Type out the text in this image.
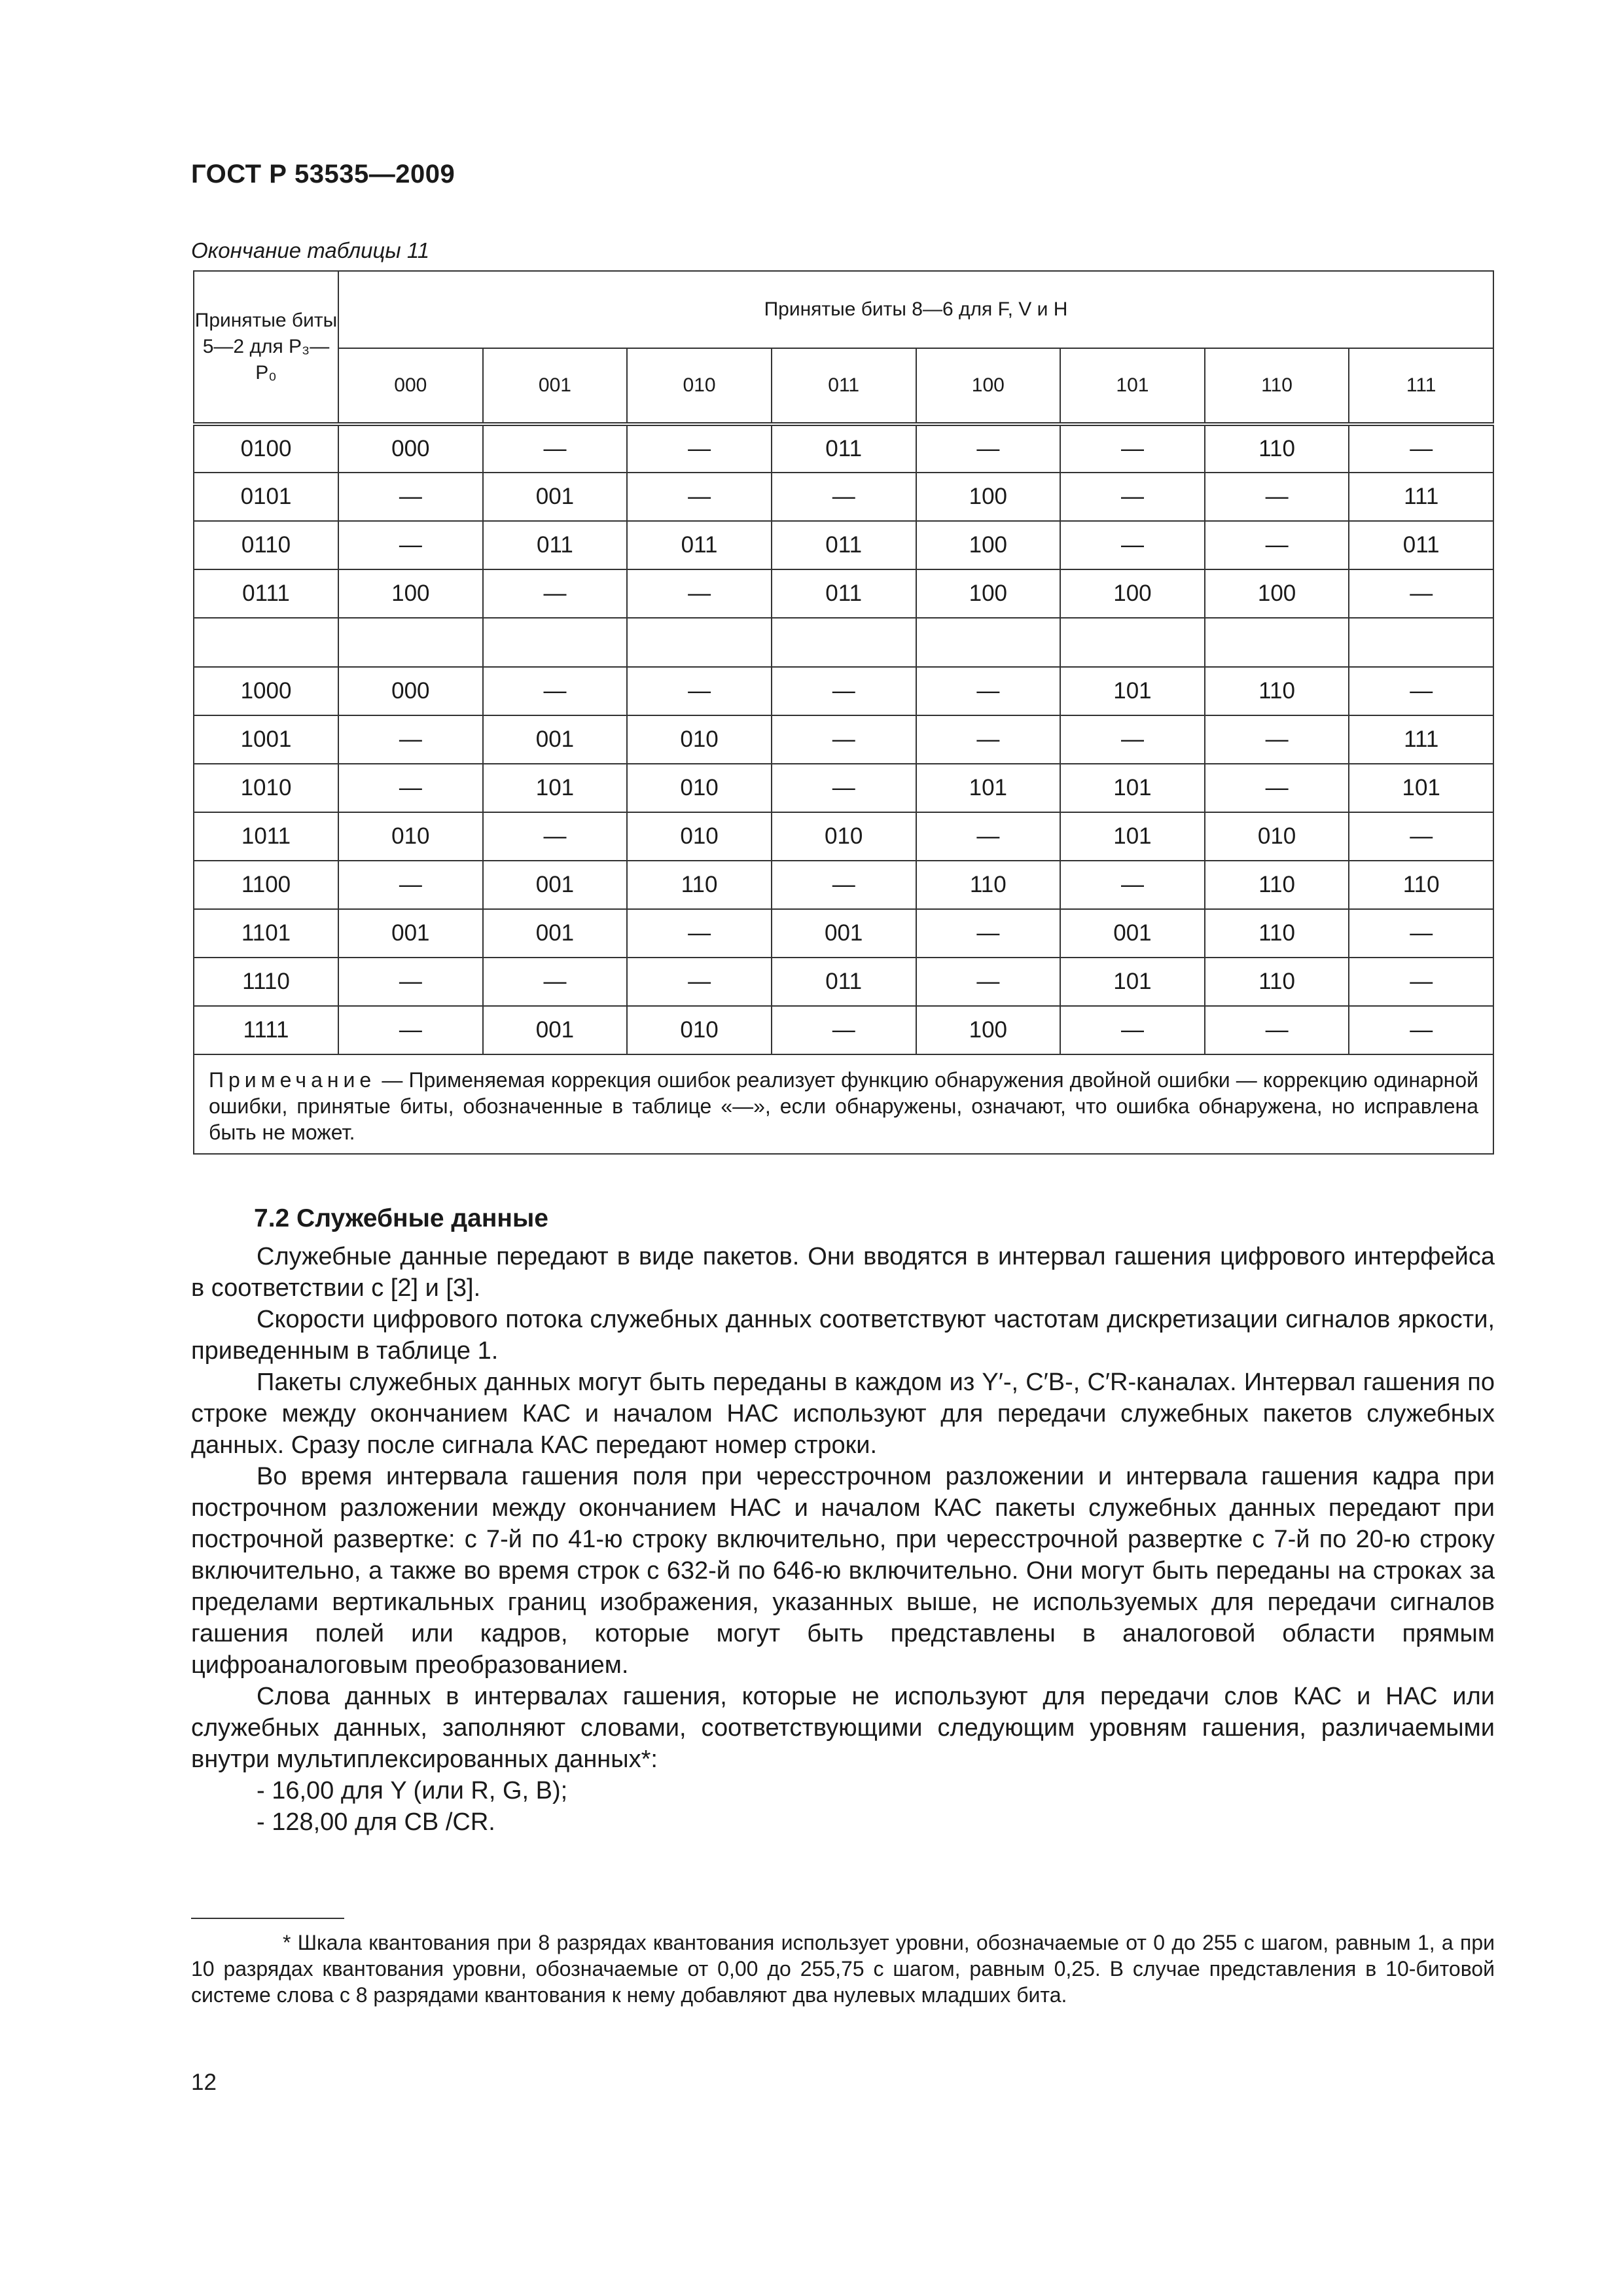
ГОСТ Р 53535—2009
Окончание таблицы 11
Принятые биты 5—2 для P₃—P₀	Принятые биты 8—6 для F, V и H							
	000	001	010	011	100	101	110	111
0100	000	—	—	011	—	—	110	—
0101	—	001	—	—	100	—	—	111
0110	—	011	011	011	100	—	—	011
0111	100	—	—	011	100	100	100	—

1000	000	—	—	—	—	101	110	—
1001	—	001	010	—	—	—	—	111
1010	—	101	010	—	101	101	—	101
1011	010	—	010	010	—	101	010	—
1100	—	001	110	—	110	—	110	110
1101	001	001	—	001	—	001	110	—
1110	—	—	—	011	—	101	110	—
1111	—	001	010	—	100	—	—	—
Примечание — Применяемая коррекция ошибок реализует функцию обнаружения двойной ошибки — коррекцию одинарной ошибки, принятые биты, обозначенные в таблице «—», если обнаружены, означают, что ошибка обнаружена, но исправлена быть не может.								
7.2 Служебные данные

Служебные данные передают в виде пакетов. Они вводятся в интервал гашения цифрового интерфейса в соответствии с [2] и [3].

Скорости цифрового потока служебных данных соответствуют частотам дискретизации сигналов яркости, приведенным в таблице 1.

Пакеты служебных данных могут быть переданы в каждом из Y′-, C′B-, C′R-каналах. Интервал гашения по строке между окончанием КАС и началом НАС используют для передачи служебных пакетов служебных данных. Сразу после сигнала КАС передают номер строки.

Во время интервала гашения поля при чересстрочном разложении и интервала гашения кадра при построчном разложении между окончанием НАС и началом КАС пакеты служебных данных передают при построчной развертке: с 7-й по 41-ю строку включительно, при чересстрочной развертке с 7-й по 20-ю строку включительно, а также во время строк с 632-й по 646-ю включительно. Они могут быть переданы на строках за пределами вертикальных границ изображения, указанных выше, не используемых для передачи сигналов гашения полей или кадров, которые могут быть представлены в аналоговой области прямым цифроаналоговым преобразованием.

Слова данных в интервалах гашения, которые не используют для передачи слов КАС и НАС или служебных данных, заполняют словами, соответствующими следующим уровням гашения, различаемыми внутри мультиплексированных данных*:

- 16,00 для Y (или R, G, B);

- 128,00 для CB /CR.

* Шкала квантования при 8 разрядах квантования использует уровни, обозначаемые от 0 до 255 с шагом, равным 1, а при 10 разрядах квантования уровни, обозначаемые от 0,00 до 255,75 с шагом, равным 0,25. В случае представления в 10-битовой системе слова с 8 разрядами квантования к нему добавляют два нулевых младших бита.

12
